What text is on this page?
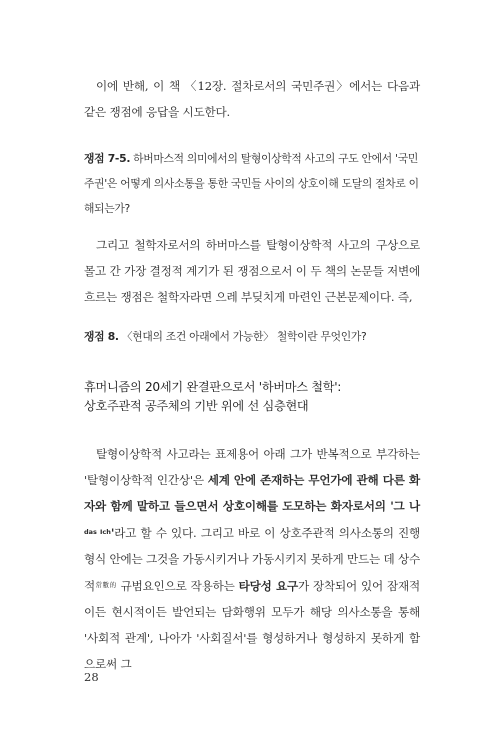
이에 반해, 이 책 〈12장. 절차로서의 국민주권〉에서는 다음과 같은 쟁점에 응답을 시도한다.

쟁점 7-5. 하버마스적 의미에서의 탈형이상학적 사고의 구도 안에서 '국민주권'은 어떻게 의사소통을 통한 국민들 사이의 상호이해 도달의 절차로 이해되는가?

그리고 철학자로서의 하버마스를 탈형이상학적 사고의 구상으로 몰고 간 가장 결정적 계기가 된 쟁점으로서 이 두 책의 논문들 저변에 흐르는 쟁점은 철학자라면 으레 부딪치게 마련인 근본문제이다. 즉,

쟁점 8. 〈현대의 조건 아래에서 가능한〉 철학이란 무엇인가?

휴머니즘의 20세기 완결판으로서 '하버마스 철학':
상호주관적 공주체의 기반 위에 선 심층현대

탈형이상학적 사고라는 표제용어 아래 그가 반복적으로 부각하는 '탈형이상학적 인간상'은 세계 안에 존재하는 무언가에 관해 다른 화자와 함께 말하고 들으면서 상호이해를 도모하는 화자로서의 '그 나$^{das Ich}$'라고 할 수 있다. 그리고 바로 이 상호주관적 의사소통의 진행형식 안에는 그것을 가동시키거나 가동시키지 못하게 만드는 데 상수적$^{常數的}$ 규범요인으로 작용하는 타당성 요구가 장착되어 있어 잠재적이든 현시적이든 발언되는 담화행위 모두가 해당 의사소통을 통해 '사회적 관계', 나아가 '사회질서'를 형성하거나 형성하지 못하게 함으로써 그

28
